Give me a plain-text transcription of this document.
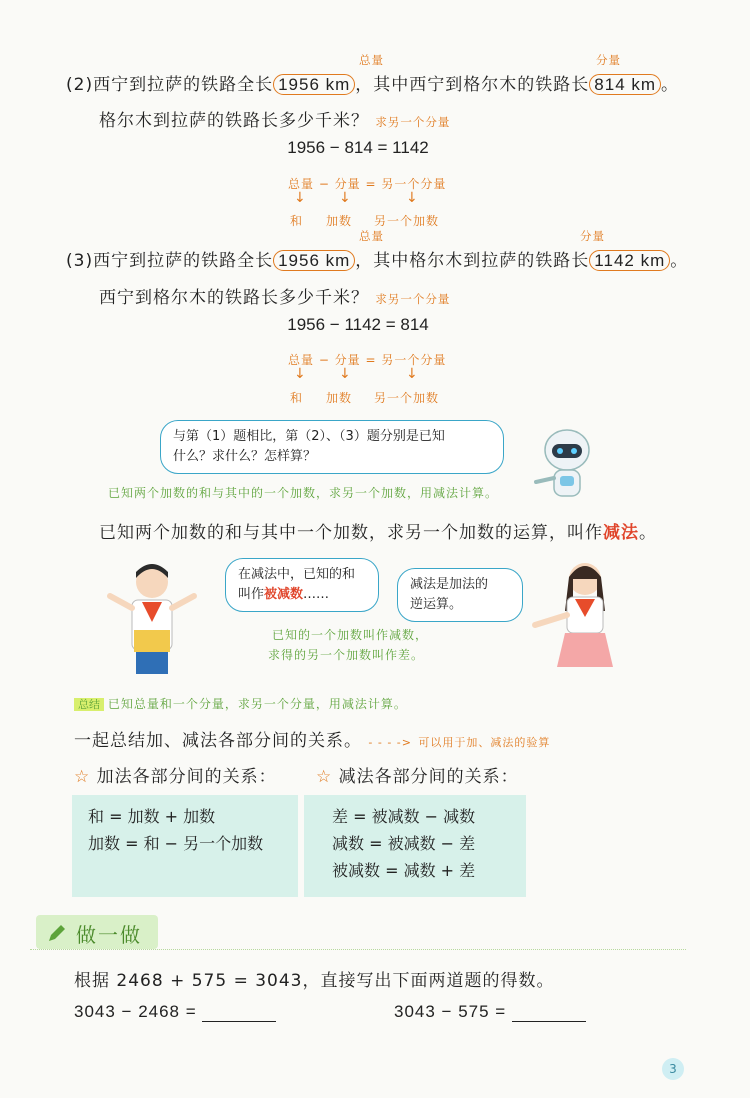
总量	分量
(2)西宁到拉萨的铁路全长 1956 km ，其中西宁到格尔木的铁路长 814 km 。
格尔木到拉萨的铁路长多少千米？ 求另一个分量
1956 − 814 = 1142
总量 − 分量 = 另一个分量
↓ ↓	↓
和 加数 另一个加数
总量	分量
(3)西宁到拉萨的铁路全长 1956 km ，其中格尔木到拉萨的铁路长 1142 km 。
西宁到格尔木的铁路长多少千米？ 求另一个分量
1956 − 1142 = 814
总量 − 分量 = 另一个分量
↓ ↓	↓
和 加数 另一个加数
与第（1）题相比，第（2）、（3）题分别是已知
什么？求什么？怎样算？
已知两个加数的和与其中的一个加数，求另一个加数，用减法计算。
已知两个加数的和与其中一个加数，求另一个加数的运算，叫作减法。
在减法中，已知的和
叫作被减数……
已知的一个加数叫作减数，
求得的另一个加数叫作差。
减法是加法的
逆运算。
总结 已知总量和一个分量，求另一个分量，用减法计算。
一起总结加、减法各部分间的关系。 - - - -> 可以用于加、减法的验算
☆ 加法各部分间的关系： ☆ 减法各部分间的关系：
和 = 加数 + 加数
加数 = 和 − 另一个加数
差 = 被减数 − 减数
减数 = 被减数 − 差
被减数 = 减数 + 差
做一做
根据 2468 + 575 = 3043，直接写出下面两道题的得数。
3043 − 2468 =	3043 − 575 =
3
